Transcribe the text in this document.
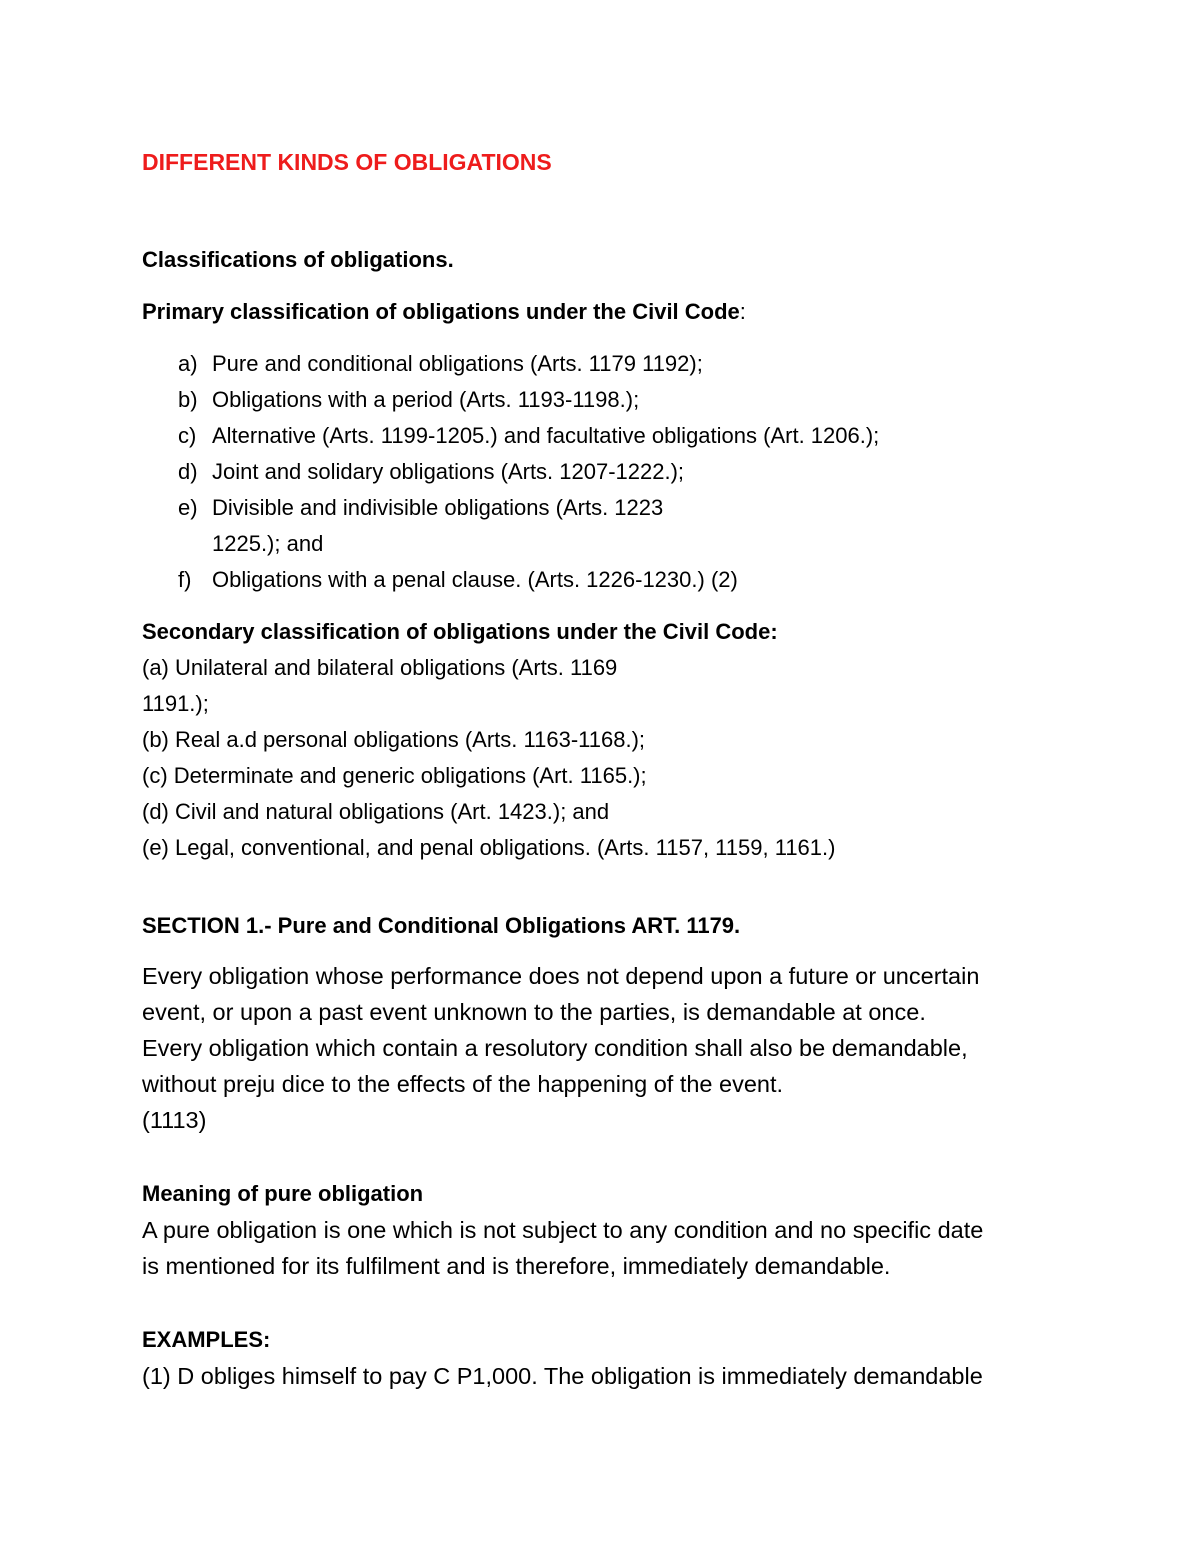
DIFFERENT KINDS OF OBLIGATIONS

Classifications of obligations.

Primary classification of obligations under the Civil Code:

a) Pure and conditional obligations (Arts. 1179 1192);
b) Obligations with a period (Arts. 1193-1198.);
c) Alternative (Arts. 1199-1205.) and facultative obligations (Art. 1206.);
d) Joint and solidary obligations (Arts. 1207-1222.);
e) Divisible and indivisible obligations (Arts. 1223
1225.); and
f) Obligations with a penal clause. (Arts. 1226-1230.) (2)

Secondary classification of obligations under the Civil Code:

(a) Unilateral and bilateral obligations (Arts. 1169

1191.);

(b) Real a.d personal obligations (Arts. 1163-1168.);

(c) Determinate and generic obligations (Art. 1165.);

(d) Civil and natural obligations (Art. 1423.); and

(e) Legal, conventional, and penal obligations. (Arts. 1157, 1159, 1161.)

SECTION 1.- Pure and Conditional Obligations ART. 1179.

Every obligation whose performance does not depend upon a future or uncertain

event, or upon a past event unknown to the parties, is demandable at once.

Every obligation which contain a resolutory condition shall also be demandable,

without preju dice to the effects of the happening of the event.

(1113)

Meaning of pure obligation

A pure obligation is one which is not subject to any condition and no specific date

is mentioned for its fulfilment and is therefore, immediately demandable.

EXAMPLES:

(1) D obliges himself to pay C P1,000. The obligation is immediately demandable
